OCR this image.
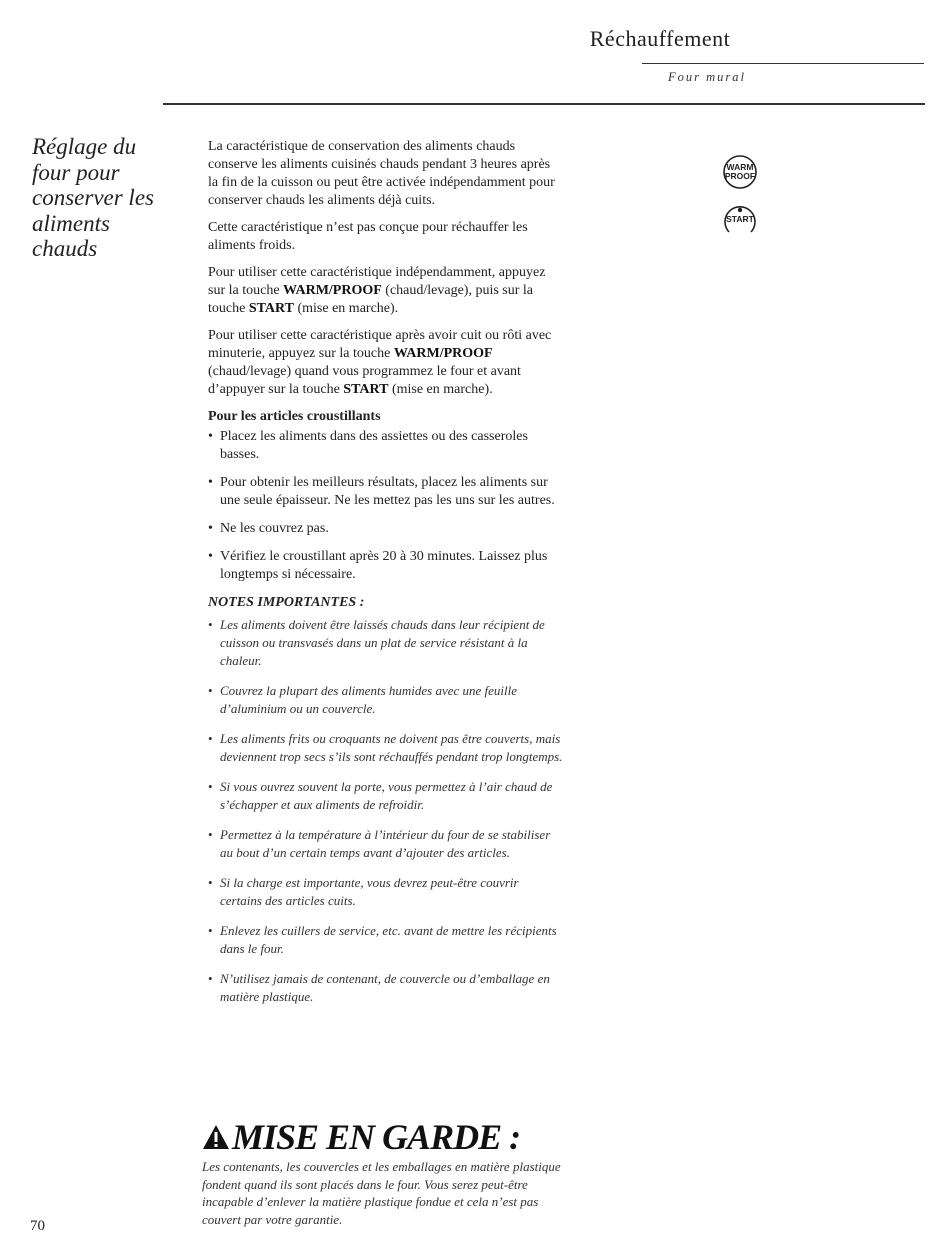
Réchauffement
Four mural
Réglage du
four pour
conserver les
aliments
chauds

La caractéristique de conservation des aliments chauds conserve les aliments cuisinés chauds pendant 3 heures après la fin de la cuisson ou peut être activée indépendamment pour conserver chauds les aliments déjà cuits.

Cette caractéristique n’est pas conçue pour réchauffer les aliments froids.

Pour utiliser cette caractéristique indépendamment, appuyez sur la touche WARM/PROOF (chaud/levage), puis sur la touche START (mise en marche).

Pour utiliser cette caractéristique après avoir cuit ou rôti avec minuterie, appuyez sur la touche WARM/PROOF (chaud/levage) quand vous programmez le four et avant d’appuyer sur la touche START (mise en marche).

Pour les articles croustillants
• Placez les aliments dans des assiettes ou des casseroles basses.
• Pour obtenir les meilleurs résultats, placez les aliments sur une seule épaisseur. Ne les mettez pas les uns sur les autres.
• Ne les couvrez pas.
• Vérifiez le croustillant après 20 à 30 minutes. Laissez plus longtemps si nécessaire.
NOTES IMPORTANTES :
• Les aliments doivent être laissés chauds dans leur récipient de cuisson ou transvasés dans un plat de service résistant à la chaleur.
• Couvrez la plupart des aliments humides avec une feuille d’aluminium ou un couvercle.
• Les aliments frits ou croquants ne doivent pas être couverts, mais deviennent trop secs s’ils sont réchauffés pendant trop longtemps.
• Si vous ouvrez souvent la porte, vous permettez à l’air chaud de s’échapper et aux aliments de refroidir.
• Permettez à la température à l’intérieur du four de se stabiliser au bout d’un certain temps avant d’ajouter des articles.
• Si la charge est importante, vous devrez peut-être couvrir certains des articles cuits.
• Enlevez les cuillers de service, etc. avant de mettre les récipients dans le four.
• N’utilisez jamais de contenant, de couvercle ou d’emballage en matière plastique.
MISE EN GARDE :
Les contenants, les couvercles et les emballages en matière plastique fondent quand ils sont placés dans le four. Vous serez peut-être incapable d’enlever la matière plastique fondue et cela n’est pas couvert par votre garantie.
WARM
PROOF
START
70
